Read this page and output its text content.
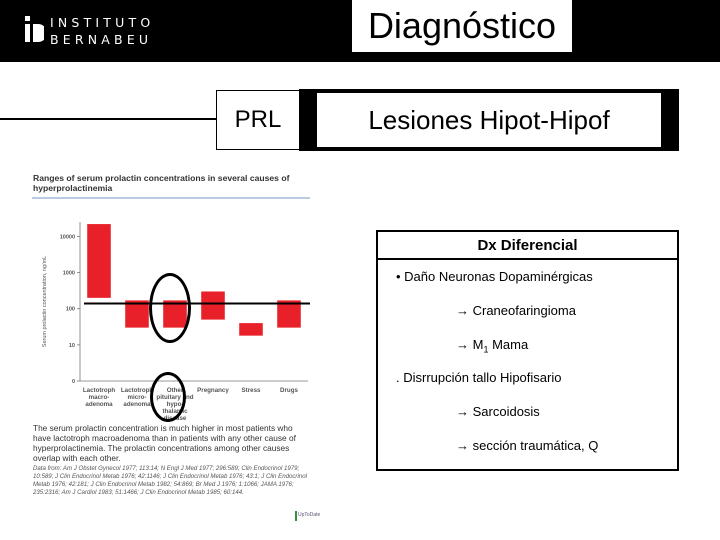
INSTITUTO
BERNABEU	Diagnóstico
PRL	Lesiones Hipot-Hipof
Ranges of serum prolactin concentrations in several causes of hyperprolactinemia
Serum prolactin concentration, ng/mL
0
10
100
1000
10000
Lactotroph macro- adenoma
Lactotroph micro- adenoma
Other pituitary and hypo- thalamic disease
Pregnancy	Stress	Drugs
The serum prolactin concentration is much higher in most patients who have lactotroph macroadenoma than in patients with any other cause of hyperprolactinemia. The prolactin concentrations among other causes overlap with each other.
Data from: Am J Obstet Gynecol 1977; 113:14; N Engl J Med 1977; 296:589; Clin Endocrinol 1979; 10:589; J Clin Endocrinol Metab 1976; 42:1146; J Clin Endocrinol Metab 1976; 43:1; J Clin Endocrinol Metab 1976; 42:181; J Clin Endocrinol Metab 1982; 54:869; Br Med J 1976; 1:1066; JAMA 1976; 235:2316; Am J Cardiol 1983; 51:1466; J Clin Endocrinol Metab 1985; 60:144.
UpToDate
Dx Diferencial
• Daño Neuronas Dopaminérgicas
→ Craneofaringioma
→ $M_1$ Mama
. Disrrupción tallo Hipofisario
→ Sarcoidosis
→ sección traumática, Q
